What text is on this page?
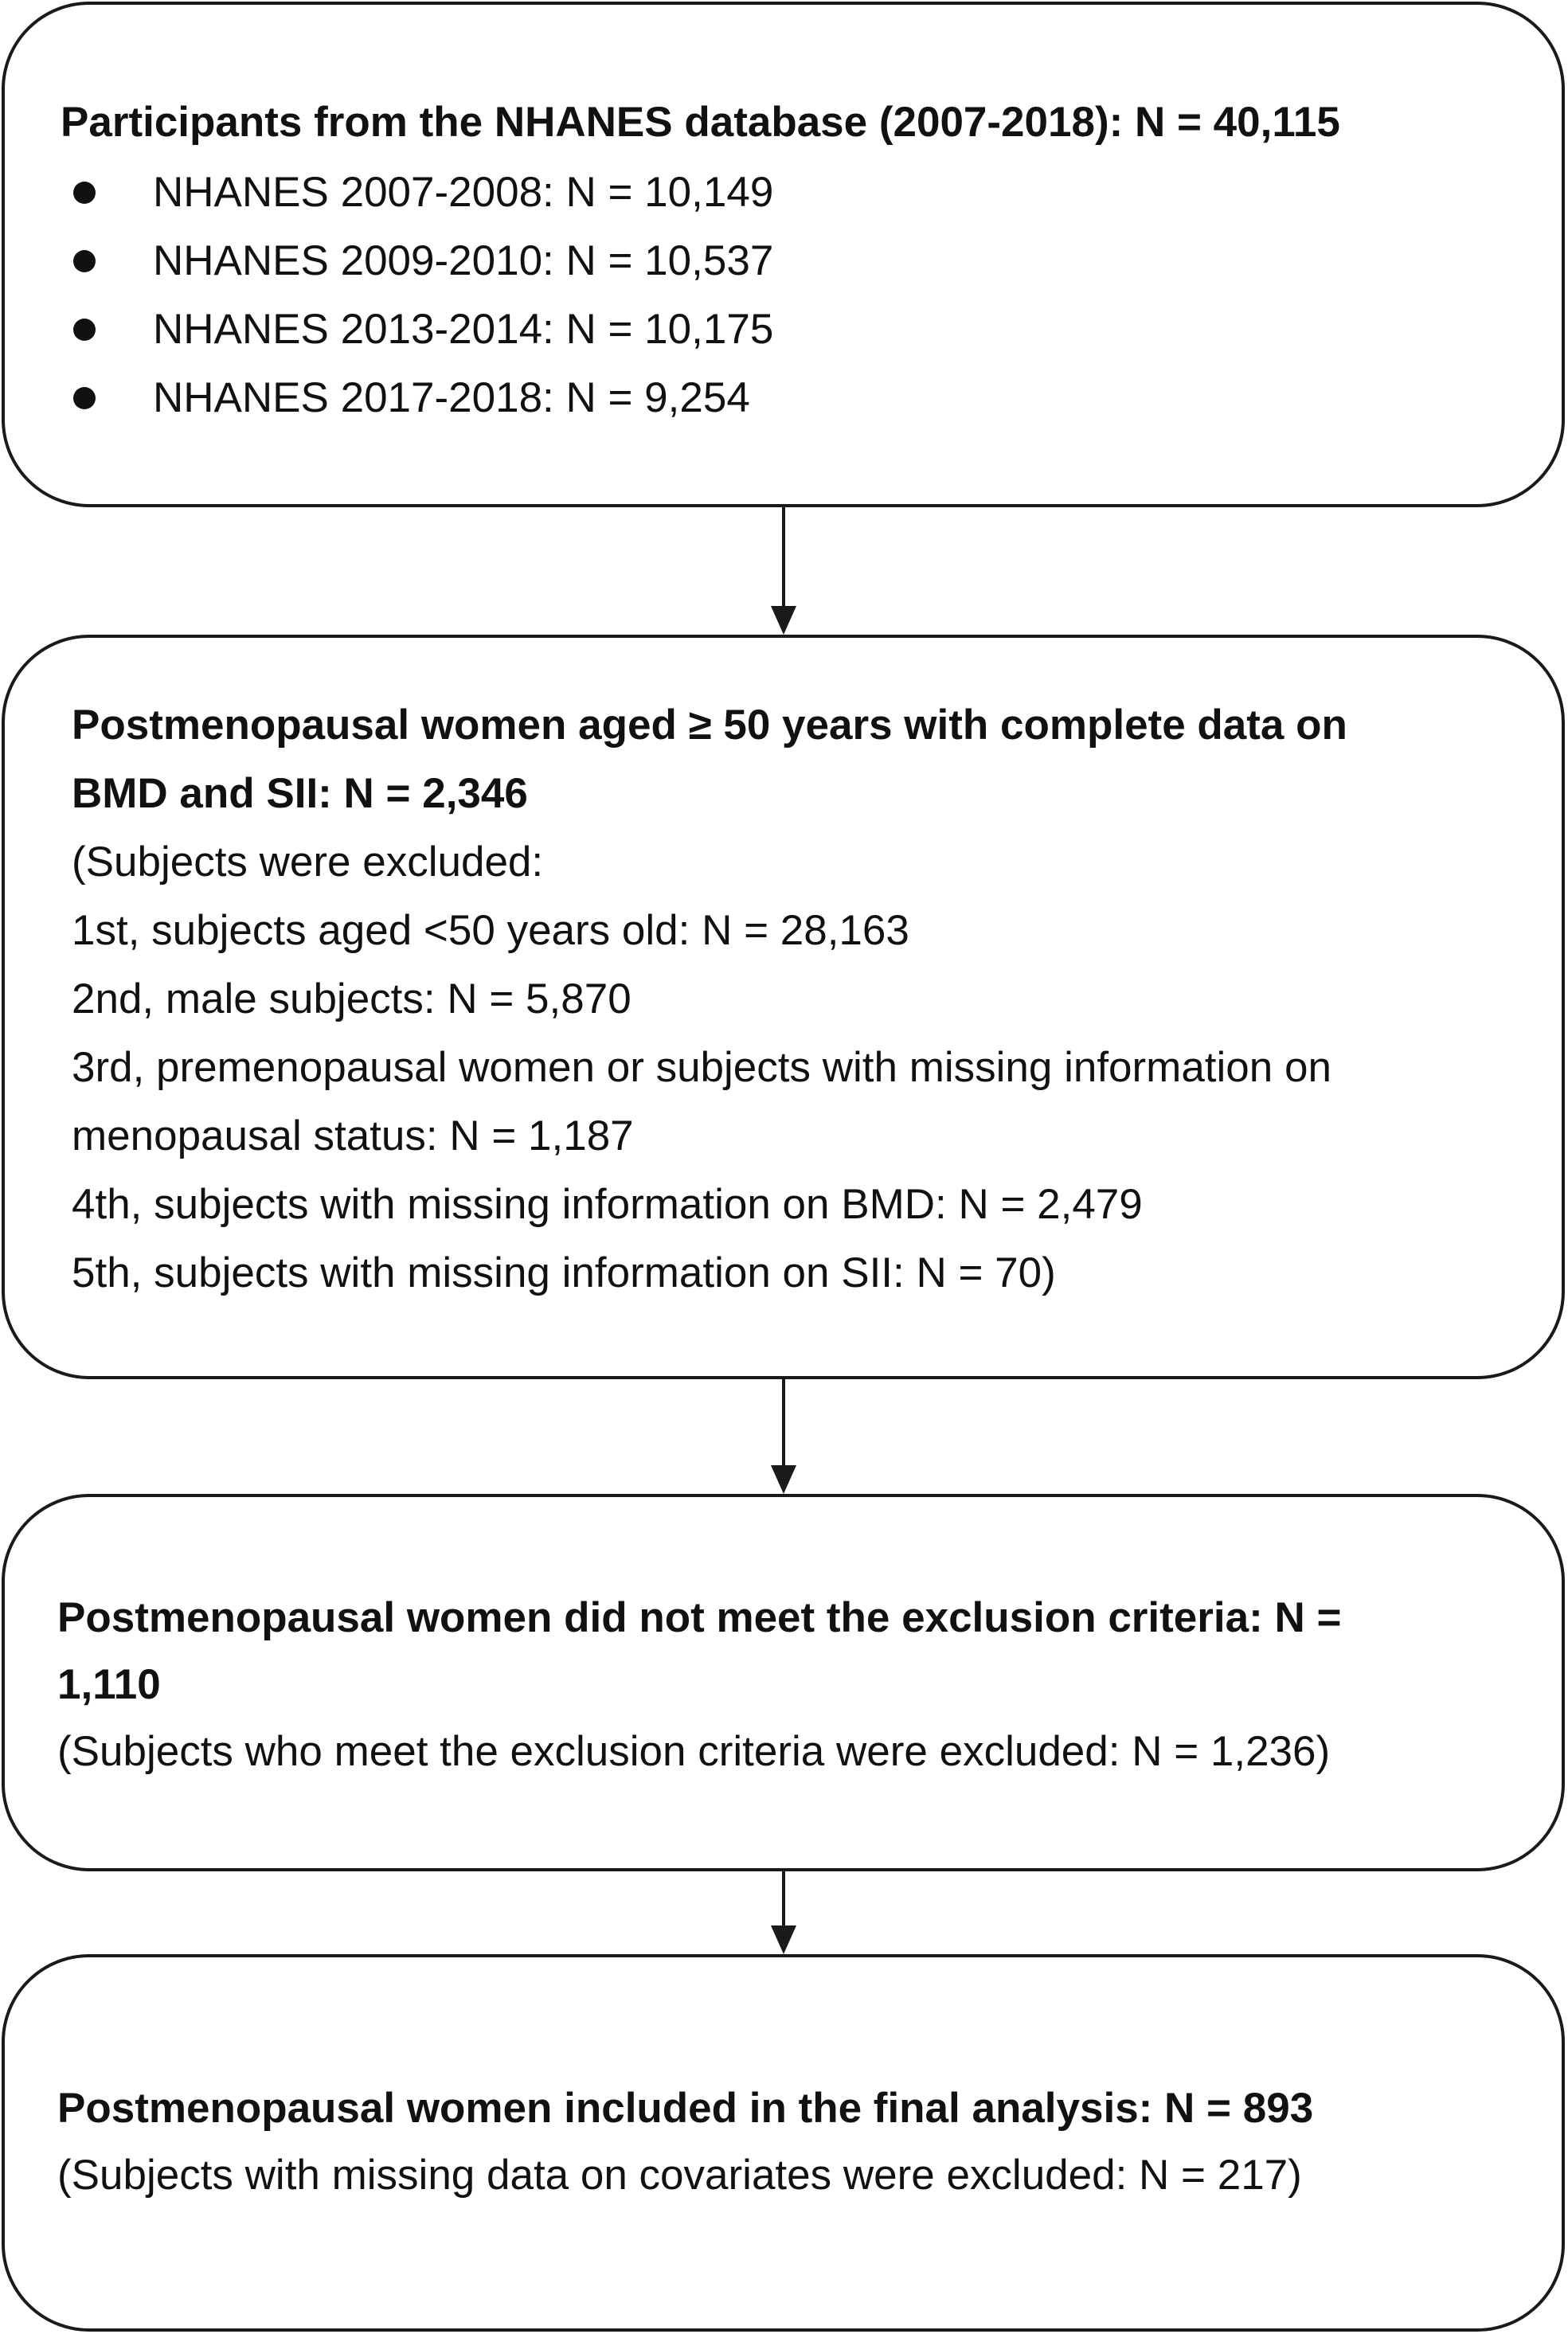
Participants from the NHANES database (2007-2018): N = 40,115
NHANES 2007-2008: N = 10,149
NHANES 2009-2010: N = 10,537
NHANES 2013-2014: N = 10,175
NHANES 2017-2018: N = 9,254
Postmenopausal women aged ≥ 50 years with complete data on
BMD and SII: N = 2,346
(Subjects were excluded:
1st, subjects aged <50 years old: N = 28,163
2nd, male subjects: N = 5,870
3rd, premenopausal women or subjects with missing information on
menopausal status: N = 1,187
4th, subjects with missing information on BMD: N = 2,479
5th, subjects with missing information on SII: N = 70)
Postmenopausal women did not meet the exclusion criteria: N =
1,110
(Subjects who meet the exclusion criteria were excluded: N = 1,236)
Postmenopausal women included in the final analysis: N = 893
(Subjects with missing data on covariates were excluded: N = 217)
